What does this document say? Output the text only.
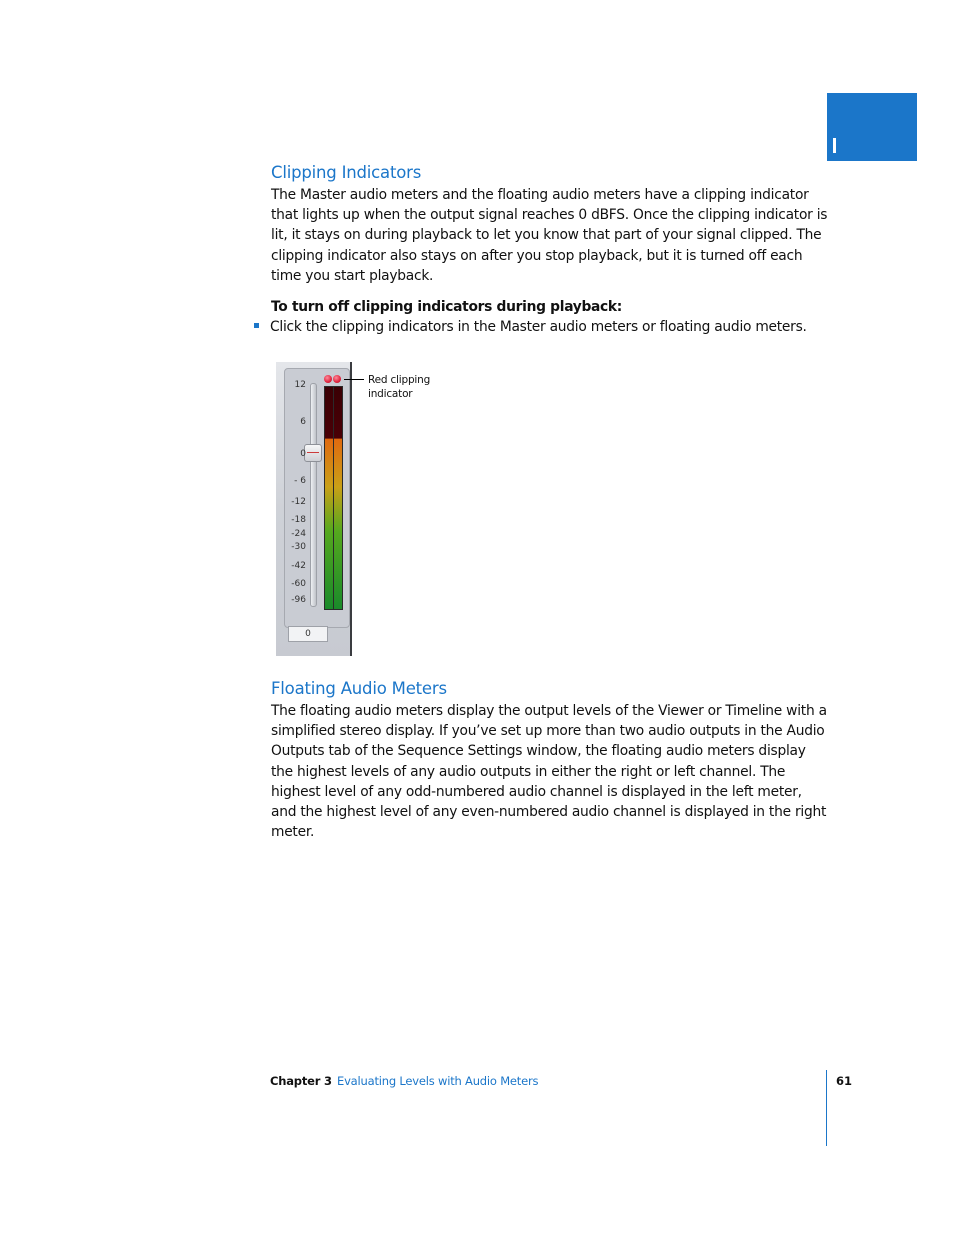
Clipping Indicators

The Master audio meters and the floating audio meters have a clipping indicator that lights up when the output signal reaches 0 dBFS. Once the clipping indicator is lit, it stays on during playback to let you know that part of your signal clipped. The clipping indicator also stays on after you stop playback, but it is turned off each time you start playback.

To turn off clipping indicators during playback:
Click the clipping indicators in the Master audio meters or floating audio meters.
12
6
0
- 6
-12
-18
-24
-30
-42
-60
-96
0
Red clipping indicator
Floating Audio Meters

The floating audio meters display the output levels of the Viewer or Timeline with a simplified stereo display. If you’ve set up more than two audio outputs in the Audio Outputs tab of the Sequence Settings window, the floating audio meters display the highest levels of any audio outputs in either the right or left channel. The highest level of any odd-numbered audio channel is displayed in the left meter, and the highest level of any even-numbered audio channel is displayed in the right meter.

Chapter 3 Evaluating Levels with Audio Meters	61
